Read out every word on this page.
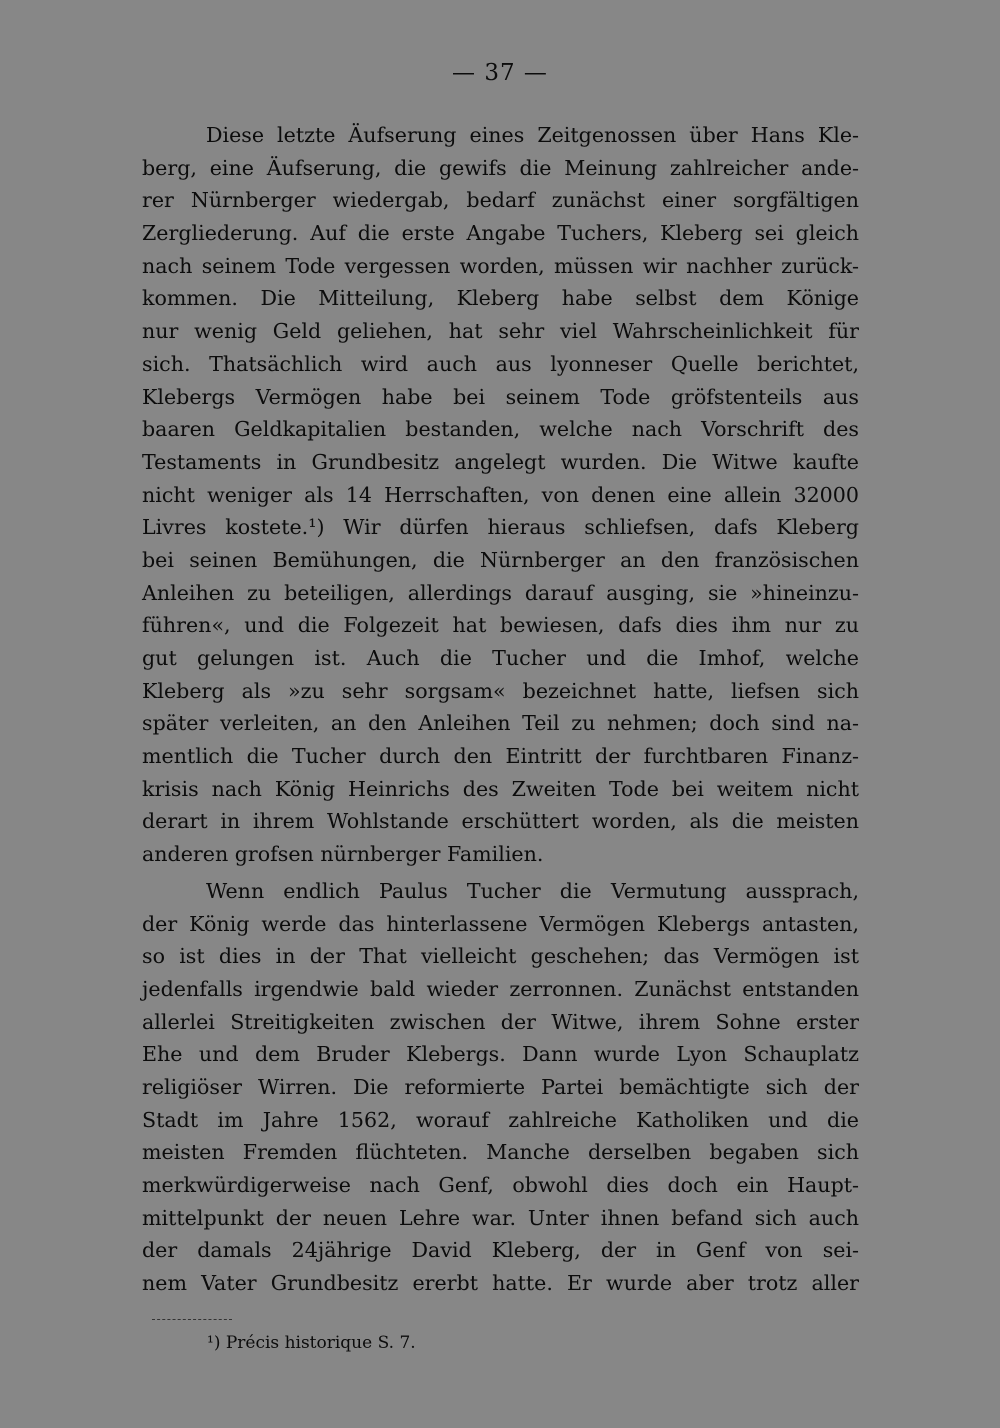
— 37 —
Diese letzte Äufserung eines Zeitgenossen über Hans Kle-
berg, eine Äufserung, die gewifs die Meinung zahlreicher ande-
rer Nürnberger wiedergab, bedarf zunächst einer sorgfältigen
Zergliederung. Auf die erste Angabe Tuchers, Kleberg sei gleich
nach seinem Tode vergessen worden, müssen wir nachher zurück-
kommen. Die Mitteilung, Kleberg habe selbst dem Könige
nur wenig Geld geliehen, hat sehr viel Wahrscheinlichkeit für
sich. Thatsächlich wird auch aus lyonneser Quelle berichtet,
Klebergs Vermögen habe bei seinem Tode gröfstenteils aus
baaren Geldkapitalien bestanden, welche nach Vorschrift des
Testaments in Grundbesitz angelegt wurden. Die Witwe kaufte
nicht weniger als 14 Herrschaften, von denen eine allein 32000
Livres kostete.¹) Wir dürfen hieraus schliefsen, dafs Kleberg
bei seinen Bemühungen, die Nürnberger an den französischen
Anleihen zu beteiligen, allerdings darauf ausging, sie »hineinzu-
führen«, und die Folgezeit hat bewiesen, dafs dies ihm nur zu
gut gelungen ist. Auch die Tucher und die Imhof, welche
Kleberg als »zu sehr sorgsam« bezeichnet hatte, liefsen sich
später verleiten, an den Anleihen Teil zu nehmen; doch sind na-
mentlich die Tucher durch den Eintritt der furchtbaren Finanz-
krisis nach König Heinrichs des Zweiten Tode bei weitem nicht
derart in ihrem Wohlstande erschüttert worden, als die meisten
anderen grofsen nürnberger Familien.
Wenn endlich Paulus Tucher die Vermutung aussprach,
der König werde das hinterlassene Vermögen Klebergs antasten,
so ist dies in der That vielleicht geschehen; das Vermögen ist
jedenfalls irgendwie bald wieder zerronnen. Zunächst entstanden
allerlei Streitigkeiten zwischen der Witwe, ihrem Sohne erster
Ehe und dem Bruder Klebergs. Dann wurde Lyon Schauplatz
religiöser Wirren. Die reformierte Partei bemächtigte sich der
Stadt im Jahre 1562, worauf zahlreiche Katholiken und die
meisten Fremden flüchteten. Manche derselben begaben sich
merkwürdigerweise nach Genf, obwohl dies doch ein Haupt-
mittelpunkt der neuen Lehre war. Unter ihnen befand sich auch
der damals 24jährige David Kleberg, der in Genf von sei-
nem Vater Grundbesitz ererbt hatte. Er wurde aber trotz aller
¹) Précis historique S. 7.
